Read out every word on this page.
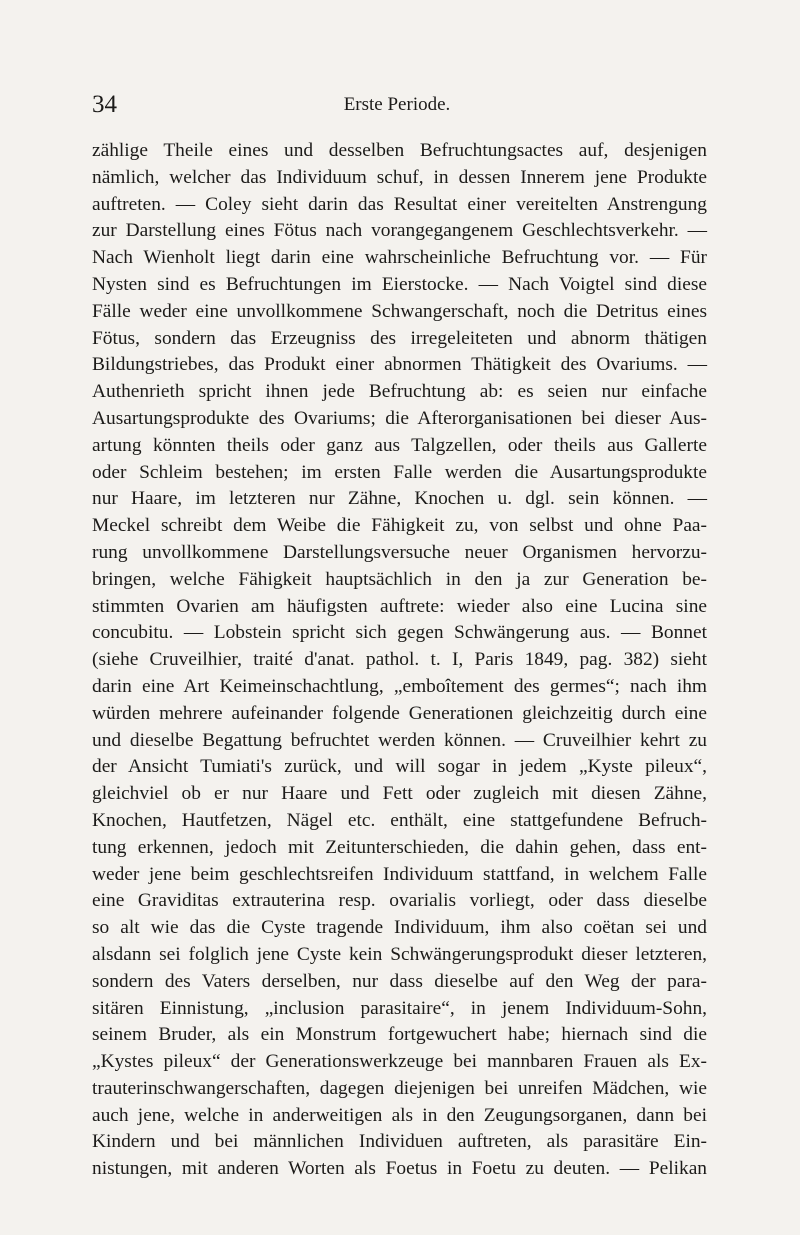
34	Erste Periode.
zählige Theile eines und desselben Befruchtungsactes auf, desjenigen
nämlich, welcher das Individuum schuf, in dessen Innerem jene Produkte
auftreten. — Coley sieht darin das Resultat einer vereitelten Anstrengung
zur Darstellung eines Fötus nach vorangegangenem Geschlechtsverkehr. —
Nach Wienholt liegt darin eine wahrscheinliche Befruchtung vor. — Für
Nysten sind es Befruchtungen im Eierstocke. — Nach Voigtel sind diese
Fälle weder eine unvollkommene Schwangerschaft, noch die Detritus eines
Fötus, sondern das Erzeugniss des irregeleiteten und abnorm thätigen
Bildungstriebes, das Produkt einer abnormen Thätigkeit des Ovariums. —
Authenrieth spricht ihnen jede Befruchtung ab: es seien nur einfache
Ausartungsprodukte des Ovariums; die Afterorganisationen bei dieser Aus-
artung könnten theils oder ganz aus Talgzellen, oder theils aus Gallerte
oder Schleim bestehen; im ersten Falle werden die Ausartungsprodukte
nur Haare, im letzteren nur Zähne, Knochen u. dgl. sein können. —
Meckel schreibt dem Weibe die Fähigkeit zu, von selbst und ohne Paa-
rung unvollkommene Darstellungsversuche neuer Organismen hervorzu-
bringen, welche Fähigkeit hauptsächlich in den ja zur Generation be-
stimmten Ovarien am häufigsten auftrete: wieder also eine Lucina sine
concubitu. — Lobstein spricht sich gegen Schwängerung aus. — Bonnet
(siehe Cruveilhier, traité d'anat. pathol. t. I, Paris 1849, pag. 382) sieht
darin eine Art Keimeinschachtlung, „emboîtement des germes“; nach ihm
würden mehrere aufeinander folgende Generationen gleichzeitig durch eine
und dieselbe Begattung befruchtet werden können. — Cruveilhier kehrt zu
der Ansicht Tumiati's zurück, und will sogar in jedem „Kyste pileux“,
gleichviel ob er nur Haare und Fett oder zugleich mit diesen Zähne,
Knochen, Hautfetzen, Nägel etc. enthält, eine stattgefundene Befruch-
tung erkennen, jedoch mit Zeitunterschieden, die dahin gehen, dass ent-
weder jene beim geschlechtsreifen Individuum stattfand, in welchem Falle
eine Graviditas extrauterina resp. ovarialis vorliegt, oder dass dieselbe
so alt wie das die Cyste tragende Individuum, ihm also coëtan sei und
alsdann sei folglich jene Cyste kein Schwängerungsprodukt dieser letzteren,
sondern des Vaters derselben, nur dass dieselbe auf den Weg der para-
sitären Einnistung, „inclusion parasitaire“, in jenem Individuum-Sohn,
seinem Bruder, als ein Monstrum fortgewuchert habe; hiernach sind die
„Kystes pileux“ der Generationswerkzeuge bei mannbaren Frauen als Ex-
trauterinschwangerschaften, dagegen diejenigen bei unreifen Mädchen, wie
auch jene, welche in anderweitigen als in den Zeugungsorganen, dann bei
Kindern und bei männlichen Individuen auftreten, als parasitäre Ein-
nistungen, mit anderen Worten als Foetus in Foetu zu deuten. — Pelikan
